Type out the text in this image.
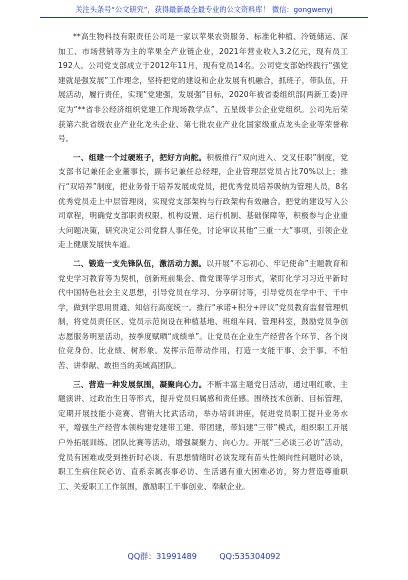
关注头条号“公文研究”，获得最新最全最专业的公文资料库！ 微信：gongwenyj

**高生物科技有限责任公司是一家以苹果农资服务、标准化种植、冷链储运、深加工、市场营销等为主的苹果全产业链企业，2021年营业收入3.2亿元，现有员工192人。公司党支部成立于2012年11月，现有党员14名。公司党支部始终践行“强党建就是强发展”工作理念，坚持把党的建设和企业发展有机融合，抓班子，带队伍，开展活动，履行责任，实现“党建强，发展强”目标，2020年被省委组织部(两新工委)评定为“**省非公经济组织党建工作现场教学点”、五星级非公企业党组织。公司先后荣获第六批省级农业产业化龙头企业、第七批农业产业化国家级重点龙头企业等荣誉称号。

一、组建一个过硬班子，把好方向舵。积极推行“双向进入、交叉任职”制度，党支部书记兼任企业董事长，副书记兼任总经理，企业管理层党员占比70%以上；推行“双培养”制度，把业务骨干培养发展成党员，把优秀党员培养吸纳为管理人员，8名优秀党员走上中层管理岗，实现党支部架构与行政架构有效融合。把党的建设写入公司章程，明确党支部职责权限、机构设置、运行机制、基础保障等，积极参与企业重大问题决策，研究决定公司党群人事任免，讨论审议其他“三重一大”事项，引领企业走上健康发展快车道。

二、锻造一支先锋队伍，激活动力源。以开展“不忘初心、牢记使命”主题教育和党史学习教育等为契机，创新班前集会、微党课等学习形式，紧盯化学习习近平新时代中国特色社会主义思想，引导党员在学习、分享研讨等，引导党员在学中干、干中学，做到学思用贯通、知信行高度统一。推行“承诺+积分+评议”党员教育监督管理机制，将党员责任区、党员示范岗设在种植基地、班组车间、管理科室，鼓励党员争创志愿服务明星活动，按季度赋晒“成绩单”。让党员在企业生产经营各个环节、各个岗位竞身份、比业绩、树形象。发挥示范带动作用，打造一支能干事、会干事、不怕苦、讲奉献、敢担当的美域高团队。

三、营造一种发展氛围，凝聚向心力。不断丰富主题党日活动，通过唱红歌、主题演讲、过政治生日等形式，提升党员归属感和责任感。围绕技术创新、目标管理，定期开展技能小竞赛、营销大比武活动，举办培训讲座，促进党员职工提升业务水平，增强生产经营本领构建党建带工建、带团建，带妇建“三带”模式，组织职工开展户外拓展训练、团队比赛等活动，增强凝聚力、向心力。开展“三必谈三必访”活动，党员有困难或受到挫折时必谈、有思想情绪时必谈发现有苗头性倾向性问题时必谈，职工生病住院必访、直系亲属丧事必访、生活遇有重大困难必访，努力营造尊重职工、关爱职工工作氛围，激励职工干事创业、奉献企业。

QQ群：31991489	QQ:535304092
